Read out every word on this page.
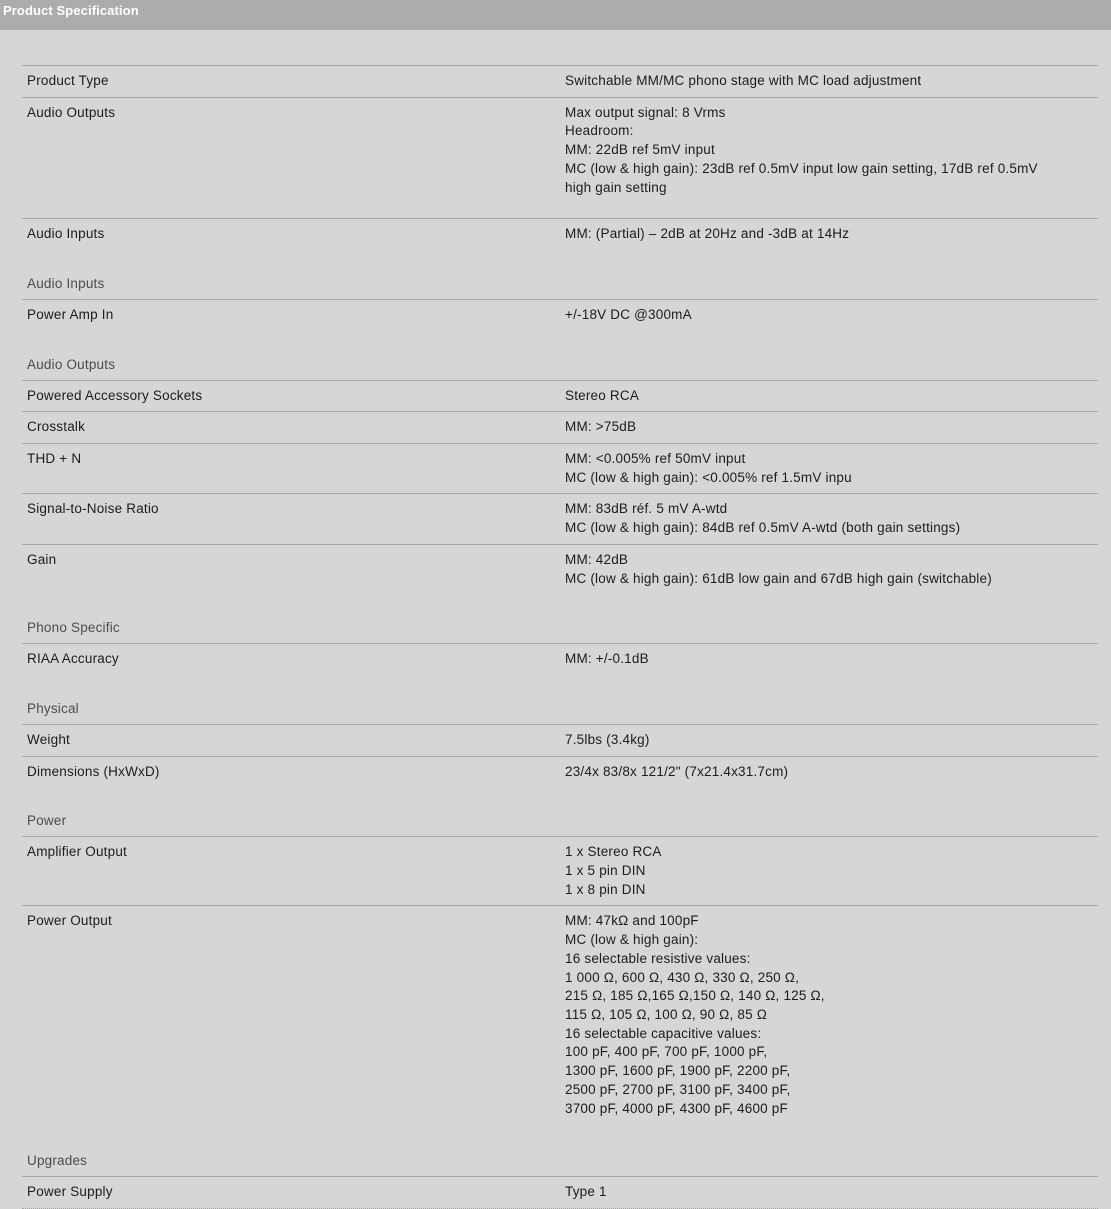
Product Specification
Product Type	Switchable MM/MC phono stage with MC load adjustment
Audio Outputs	Max output signal: 8 Vrms
Headroom:
MM: 22dB ref 5mV input
MC (low & high gain): 23dB ref 0.5mV input low gain setting, 17dB ref 0.5mV
high gain setting
Audio Inputs	MM: (Partial) – 2dB at 20Hz and -3dB at 14Hz
Audio Inputs
Power Amp In	+/-18V DC @300mA
Audio Outputs
Powered Accessory Sockets	Stereo RCA
Crosstalk	MM: >75dB
THD + N	MM: <0.005% ref 50mV input
MC (low & high gain): <0.005% ref 1.5mV inpu
Signal-to-Noise Ratio	MM: 83dB réf. 5 mV A-wtd
MC (low & high gain): 84dB ref 0.5mV A-wtd (both gain settings)
Gain	MM: 42dB
MC (low & high gain): 61dB low gain and 67dB high gain (switchable)
Phono Specific
RIAA Accuracy	MM: +/-0.1dB
Physical
Weight	7.5lbs (3.4kg)
Dimensions (HxWxD)	23/4x 83/8x 121/2" (7x21.4x31.7cm)
Power
Amplifier Output	1 x Stereo RCA
1 x 5 pin DIN
1 x 8 pin DIN
Power Output	MM: 47kΩ and 100pF
MC (low & high gain):
16 selectable resistive values:
1 000 Ω, 600 Ω, 430 Ω, 330 Ω, 250 Ω,
215 Ω, 185 Ω,165 Ω,150 Ω, 140 Ω, 125 Ω,
115 Ω, 105 Ω, 100 Ω, 90 Ω, 85 Ω
16 selectable capacitive values:
100 pF, 400 pF, 700 pF, 1000 pF,
1300 pF, 1600 pF, 1900 pF, 2200 pF,
2500 pF, 2700 pF, 3100 pF, 3400 pF,
3700 pF, 4000 pF, 4300 pF, 4600 pF
Upgrades
Power Supply	Type 1
